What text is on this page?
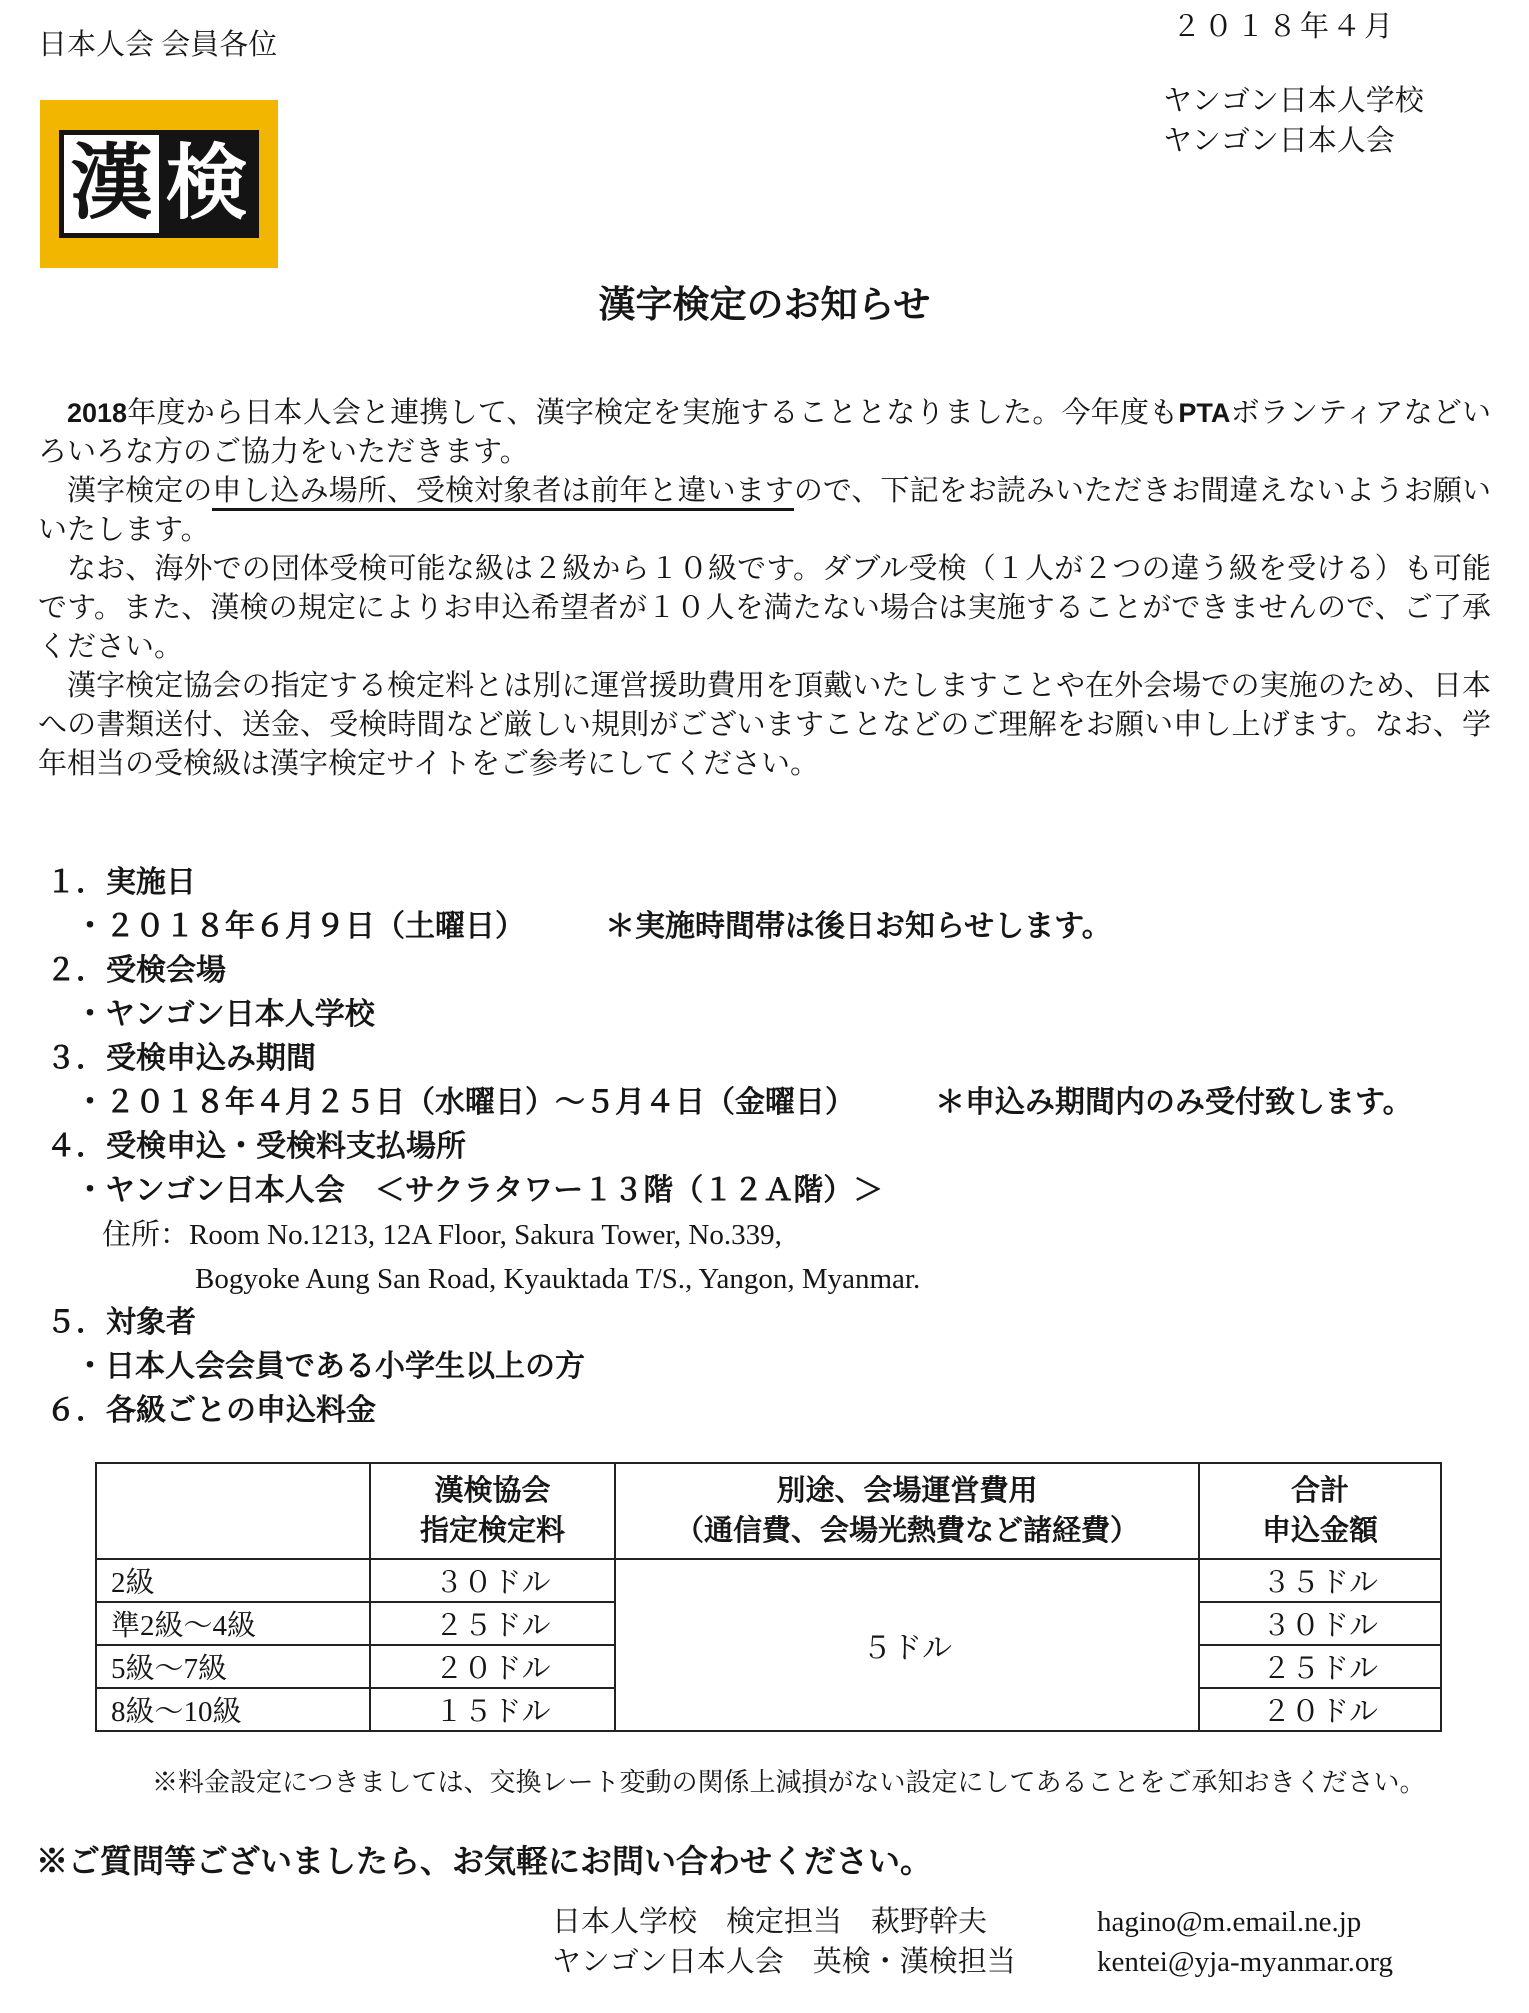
日本人会 会員各位
２０１８年４月
ヤンゴン日本人学校
ヤンゴン日本人会
漢 検
漢字検定のお知らせ

2018年度から日本人会と連携して、漢字検定を実施することとなりました。今年度もPTAボランティアなどいろいろな方のご協力をいただきます。

漢字検定の申し込み場所、受検対象者は前年と違いますので、下記をお読みいただきお間違えないようお願いいたします。

なお、海外での団体受検可能な級は２級から１０級です。ダブル受検（１人が２つの違う級を受ける）も可能です。また、漢検の規定によりお申込希望者が１０人を満たない場合は実施することができませんので、ご了承ください。

漢字検定協会の指定する検定料とは別に運営援助費用を頂戴いたしますことや在外会場での実施のため、日本への書類送付、送金、受検時間など厳しい規則がございますことなどのご理解をお願い申し上げます。なお、学年相当の受検級は漢字検定サイトをご参考にしてください。

１．実施日
・２０１８年６月９日（土曜日）	＊実施時間帯は後日お知らせします。
２．受検会場
・ヤンゴン日本人学校
３．受検申込み期間
・２０１８年４月２５日（水曜日）～５月４日（金曜日）	＊申込み期間内のみ受付致します。
４．受検申込・受検料支払場所
・ヤンゴン日本人会　＜サクラタワー１３階（１２Ａ階）＞
住所：Room No.1213, 12A Floor, Sakura Tower, No.339,
Bogyoke Aung San Road, Kyauktada T/S., Yangon, Myanmar.
５．対象者
・日本人会会員である小学生以上の方
６．各級ごとの申込料金

漢検協会
指定検定料

別途、会場運営費用
（通信費、会場光熱費など諸経費）

合計
申込金額

2級	３０ドル	５ドル	３５ドル
準2級～4級	２５ドル		３０ドル
5級～7級	２０ドル		２５ドル
8級～10級	１５ドル		２０ドル
※料金設定につきましては、交換レート変動の関係上減損がない設定にしてあることをご承知おきください。
※ご質問等ございましたら、お気軽にお問い合わせください。
日本人学校　検定担当　萩野幹夫	hagino@m.email.ne.jp
ヤンゴン日本人会　英検・漢検担当	kentei@yja-myanmar.org
